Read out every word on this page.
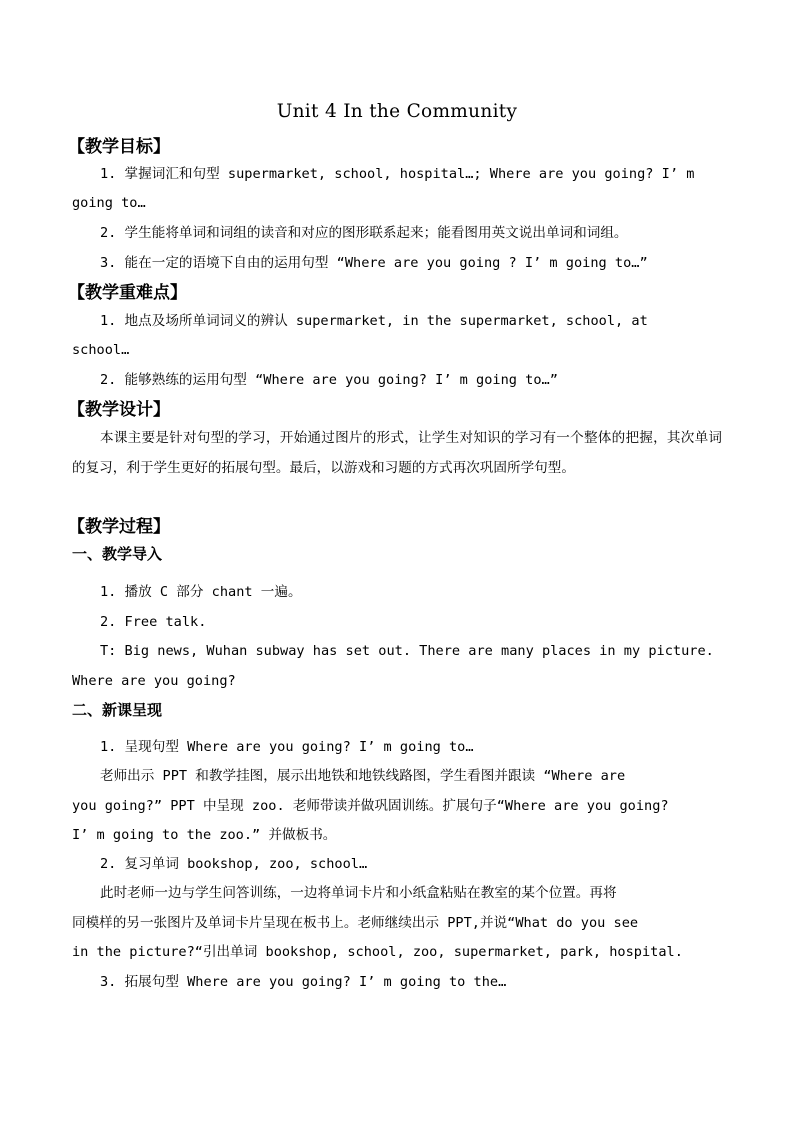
Unit 4 In the Community
【教学目标】
1. 掌握词汇和句型 supermarket, school, hospital…; Where are you going? I’ m
going to…
2. 学生能将单词和词组的读音和对应的图形联系起来；能看图用英文说出单词和词组。
3. 能在一定的语境下自由的运用句型 “Where are you going ? I’ m going to…”
【教学重难点】
1. 地点及场所单词词义的辨认 supermarket, in the supermarket, school, at
school…
2. 能够熟练的运用句型 “Where are you going? I’ m going to…”
【教学设计】
本课主要是针对句型的学习，开始通过图片的形式，让学生对知识的学习有一个整体的把握，其次单词的复习，利于学生更好的拓展句型。最后，以游戏和习题的方式再次巩固所学句型。
【教学过程】
一、教学导入
1. 播放 C 部分 chant 一遍。
2. Free talk.
T: Big news, Wuhan subway has set out. There are many places in my picture.
Where are you going?
二、新课呈现
1. 呈现句型 Where are you going? I’ m going to…
老师出示 PPT 和教学挂图，展示出地铁和地铁线路图，学生看图并跟读 “Where are
you going?” PPT 中呈现 zoo. 老师带读并做巩固训练。扩展句子“Where are you going?
I’ m going to the zoo.” 并做板书。
2. 复习单词 bookshop, zoo, school…
此时老师一边与学生问答训练，一边将单词卡片和小纸盒粘贴在教室的某个位置。再将
同模样的另一张图片及单词卡片呈现在板书上。老师继续出示 PPT,并说“What do you see
in the picture?“引出单词 bookshop, school, zoo, supermarket, park, hospital.
3. 拓展句型 Where are you going? I’ m going to the…
